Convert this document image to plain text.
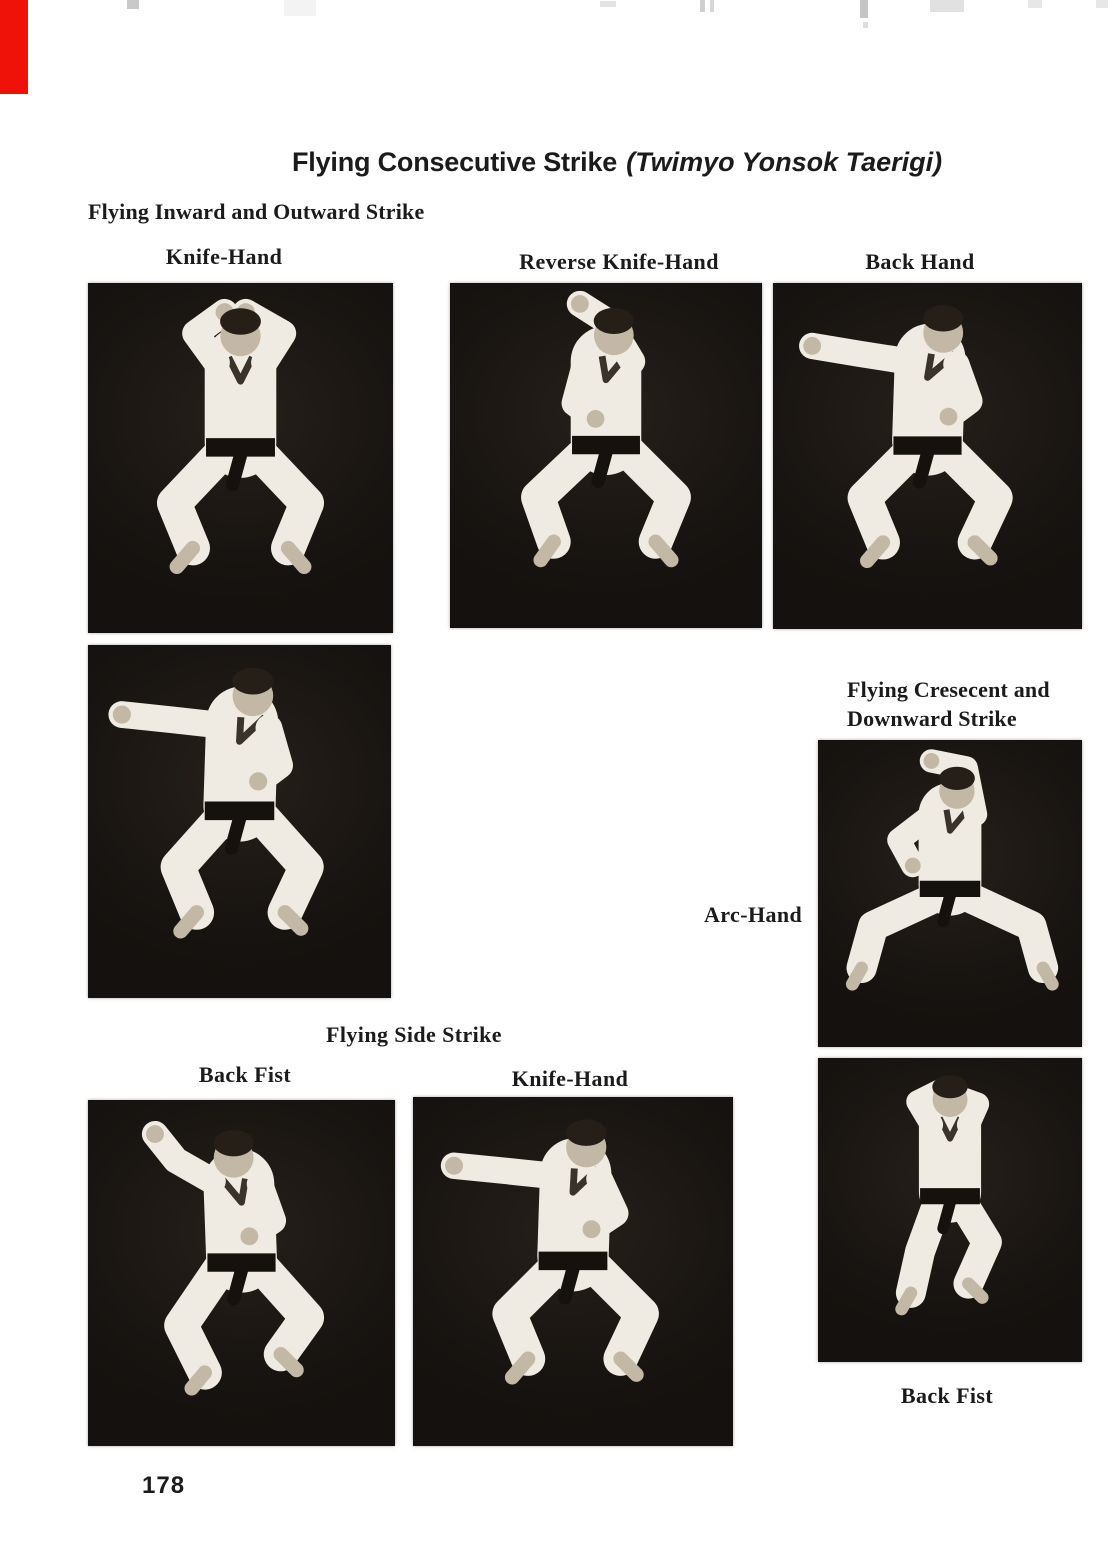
Flying Consecutive Strike (Twimyo Yonsok Taerigi)
Flying Inward and Outward Strike
Knife-Hand	Reverse Knife-Hand	Back Hand
Flying Cresecent and
Downward Strike
Arc-Hand
Flying Side Strike
Back Fist	Knife-Hand
Back Fist
178
